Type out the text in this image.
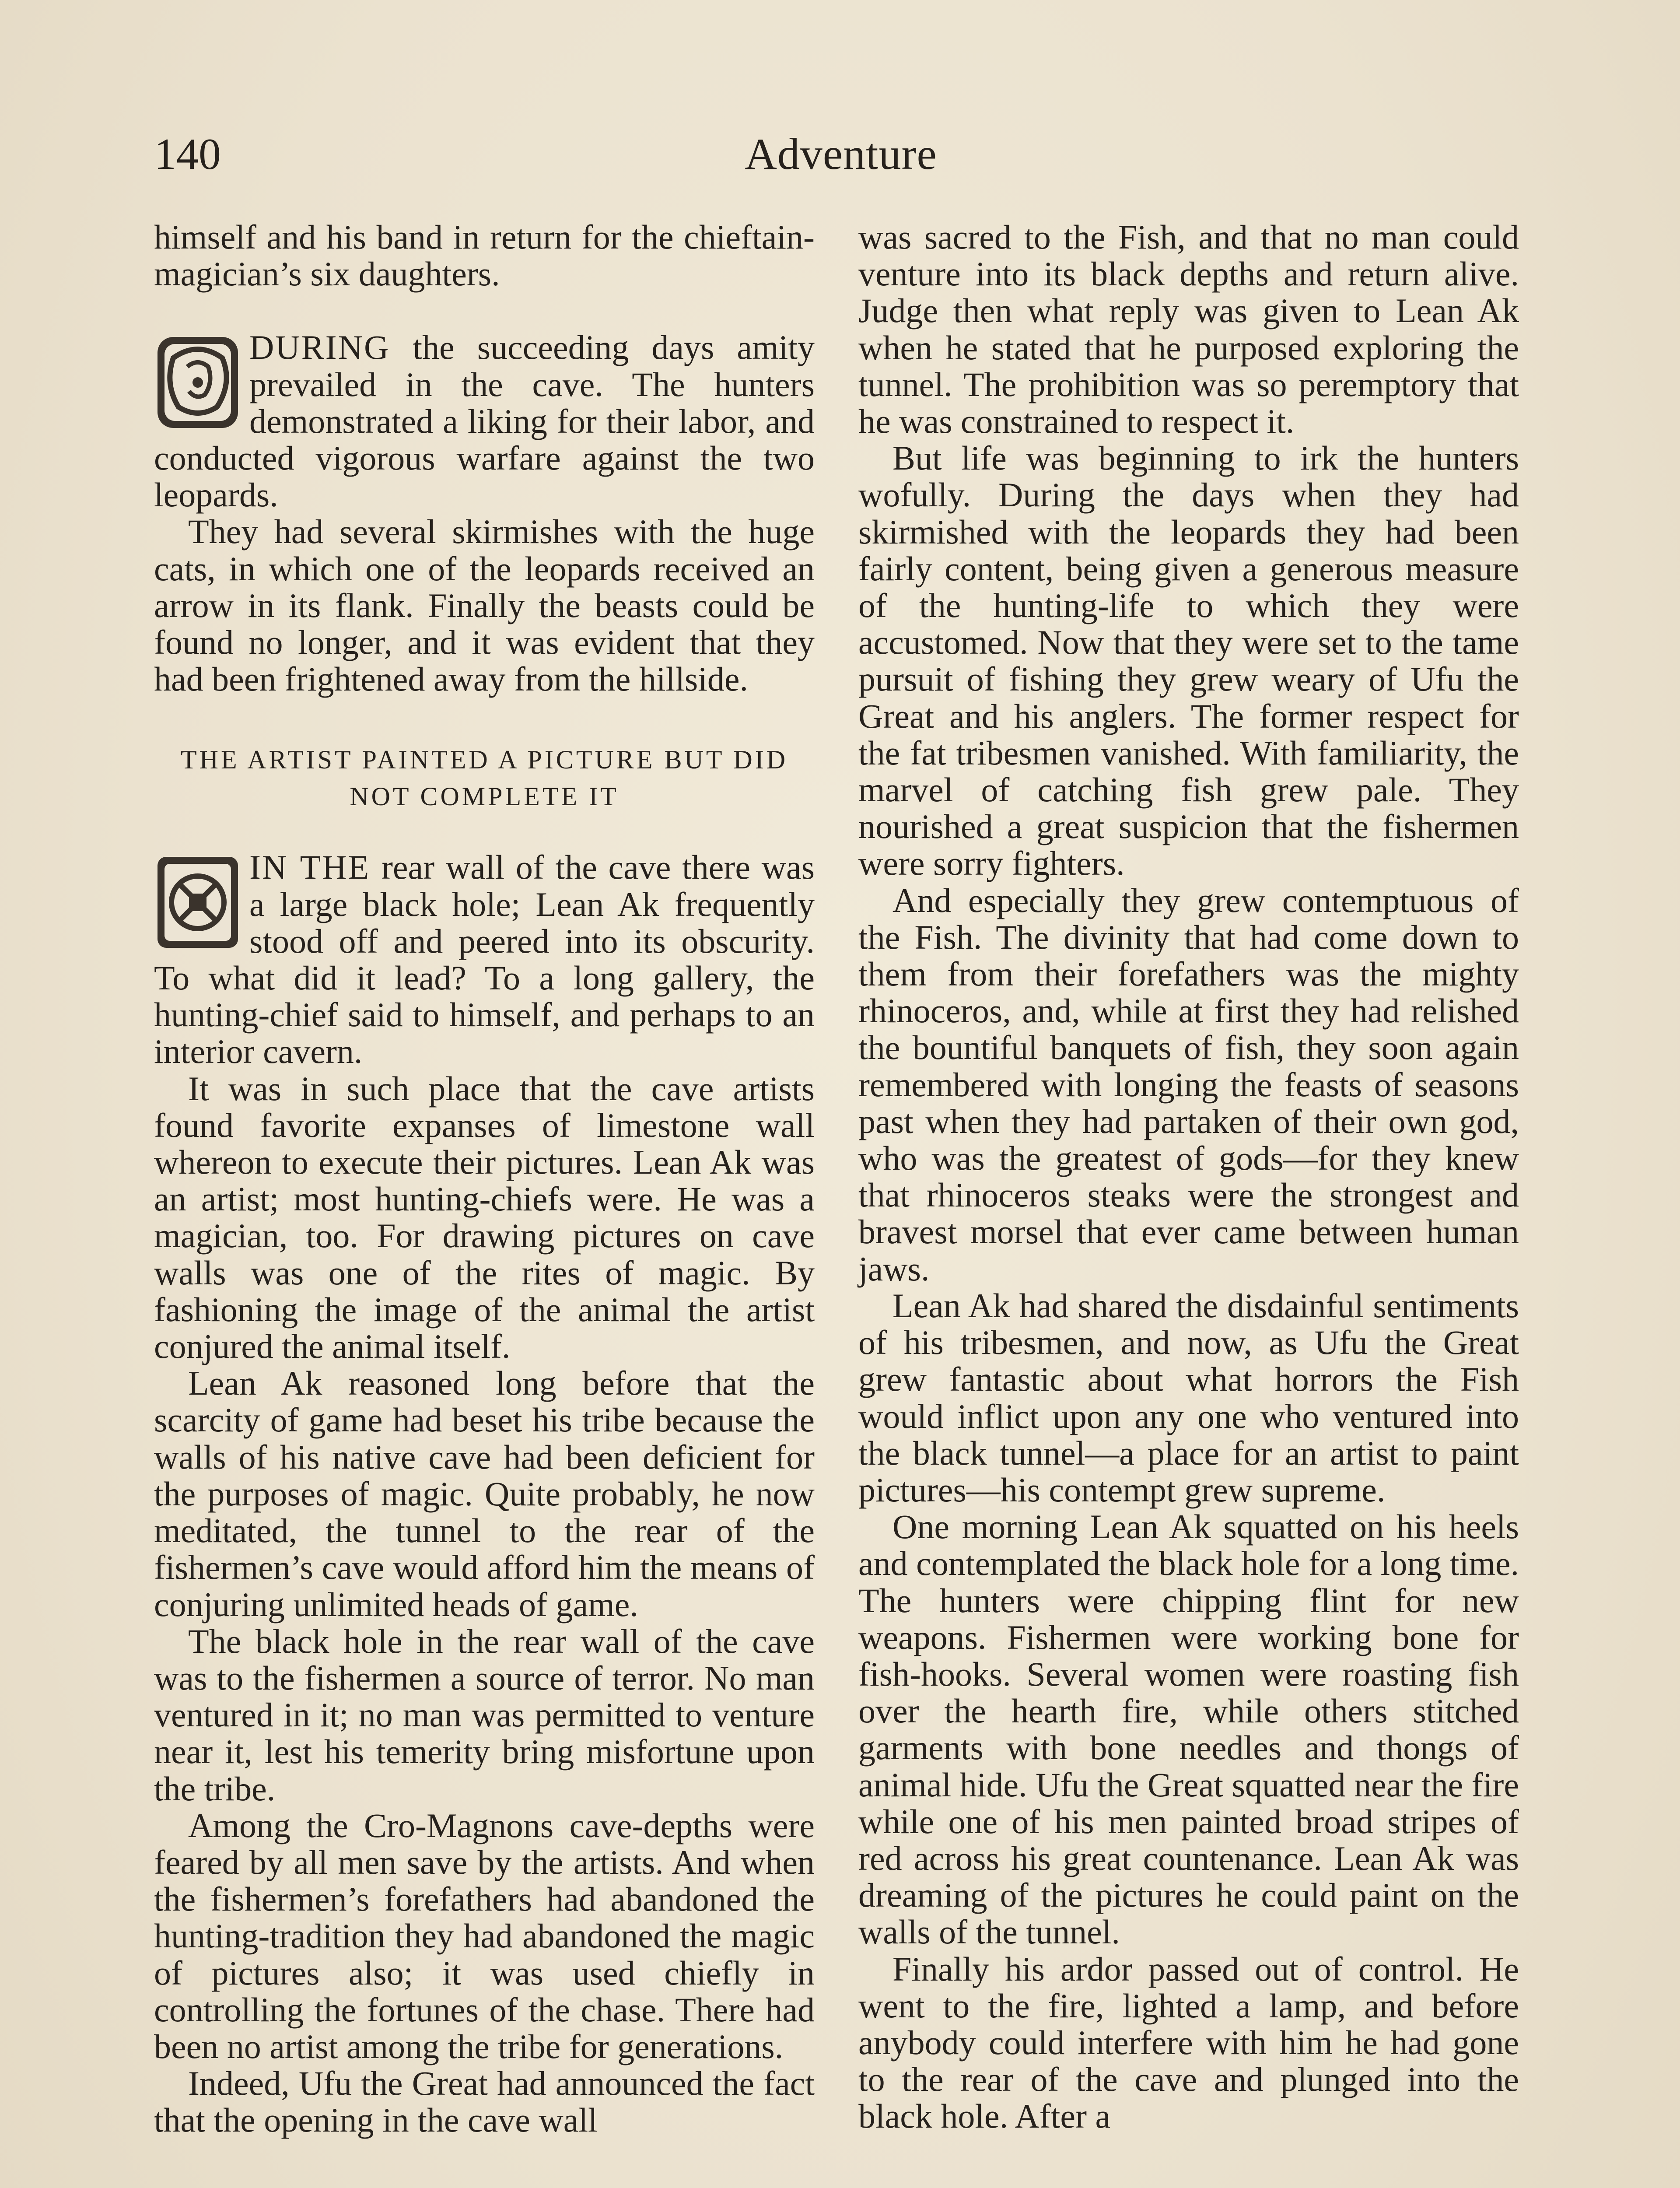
140	Adventure

himself and his band in return for the chieftain-magician’s six daughters.

DURING the succeeding days amity prevailed in the cave. The hunters demonstrated a liking for their labor, and conducted vigorous warfare against the two leopards.

They had several skirmishes with the huge cats, in which one of the leopards received an arrow in its flank. Finally the beasts could be found no longer, and it was evident that they had been frightened away from the hillside.

THE ARTIST PAINTED A PICTURE BUT DID
NOT COMPLETE IT

IN THE rear wall of the cave there was a large black hole; Lean Ak frequently stood off and peered into its obscurity. To what did it lead? To a long gallery, the hunting-chief said to himself, and perhaps to an interior cavern.

It was in such place that the cave artists found favorite expanses of limestone wall whereon to execute their pictures. Lean Ak was an artist; most hunting-chiefs were. He was a magician, too. For drawing pictures on cave walls was one of the rites of magic. By fashioning the image of the animal the artist conjured the animal itself.

Lean Ak reasoned long before that the scarcity of game had beset his tribe because the walls of his native cave had been deficient for the purposes of magic. Quite probably, he now meditated, the tunnel to the rear of the fishermen’s cave would afford him the means of conjuring unlimited heads of game.

The black hole in the rear wall of the cave was to the fishermen a source of terror. No man ventured in it; no man was permitted to venture near it, lest his temerity bring misfortune upon the tribe.

Among the Cro-Magnons cave-depths were feared by all men save by the artists. And when the fishermen’s forefathers had abandoned the hunting-tradition they had abandoned the magic of pictures also; it was used chiefly in controlling the fortunes of the chase. There had been no artist among the tribe for generations.

Indeed, Ufu the Great had announced the fact that the opening in the cave wall

was sacred to the Fish, and that no man could venture into its black depths and return alive. Judge then what reply was given to Lean Ak when he stated that he purposed exploring the tunnel. The prohibition was so peremptory that he was constrained to respect it.

But life was beginning to irk the hunters wofully. During the days when they had skirmished with the leopards they had been fairly content, being given a generous measure of the hunting-life to which they were accustomed. Now that they were set to the tame pursuit of fishing they grew weary of Ufu the Great and his anglers. The former respect for the fat tribesmen vanished. With familiarity, the marvel of catching fish grew pale. They nourished a great suspicion that the fishermen were sorry fighters.

And especially they grew contemptuous of the Fish. The divinity that had come down to them from their forefathers was the mighty rhinoceros, and, while at first they had relished the bountiful banquets of fish, they soon again remembered with longing the feasts of seasons past when they had partaken of their own god, who was the greatest of gods—for they knew that rhinoceros steaks were the strongest and bravest morsel that ever came between human jaws.

Lean Ak had shared the disdainful sentiments of his tribesmen, and now, as Ufu the Great grew fantastic about what horrors the Fish would inflict upon any one who ventured into the black tunnel—a place for an artist to paint pictures—his contempt grew supreme.

One morning Lean Ak squatted on his heels and contemplated the black hole for a long time. The hunters were chipping flint for new weapons. Fishermen were working bone for fish-hooks. Several women were roasting fish over the hearth fire, while others stitched garments with bone needles and thongs of animal hide. Ufu the Great squatted near the fire while one of his men painted broad stripes of red across his great countenance. Lean Ak was dreaming of the pictures he could paint on the walls of the tunnel.

Finally his ardor passed out of control. He went to the fire, lighted a lamp, and before anybody could interfere with him he had gone to the rear of the cave and plunged into the black hole. After a
